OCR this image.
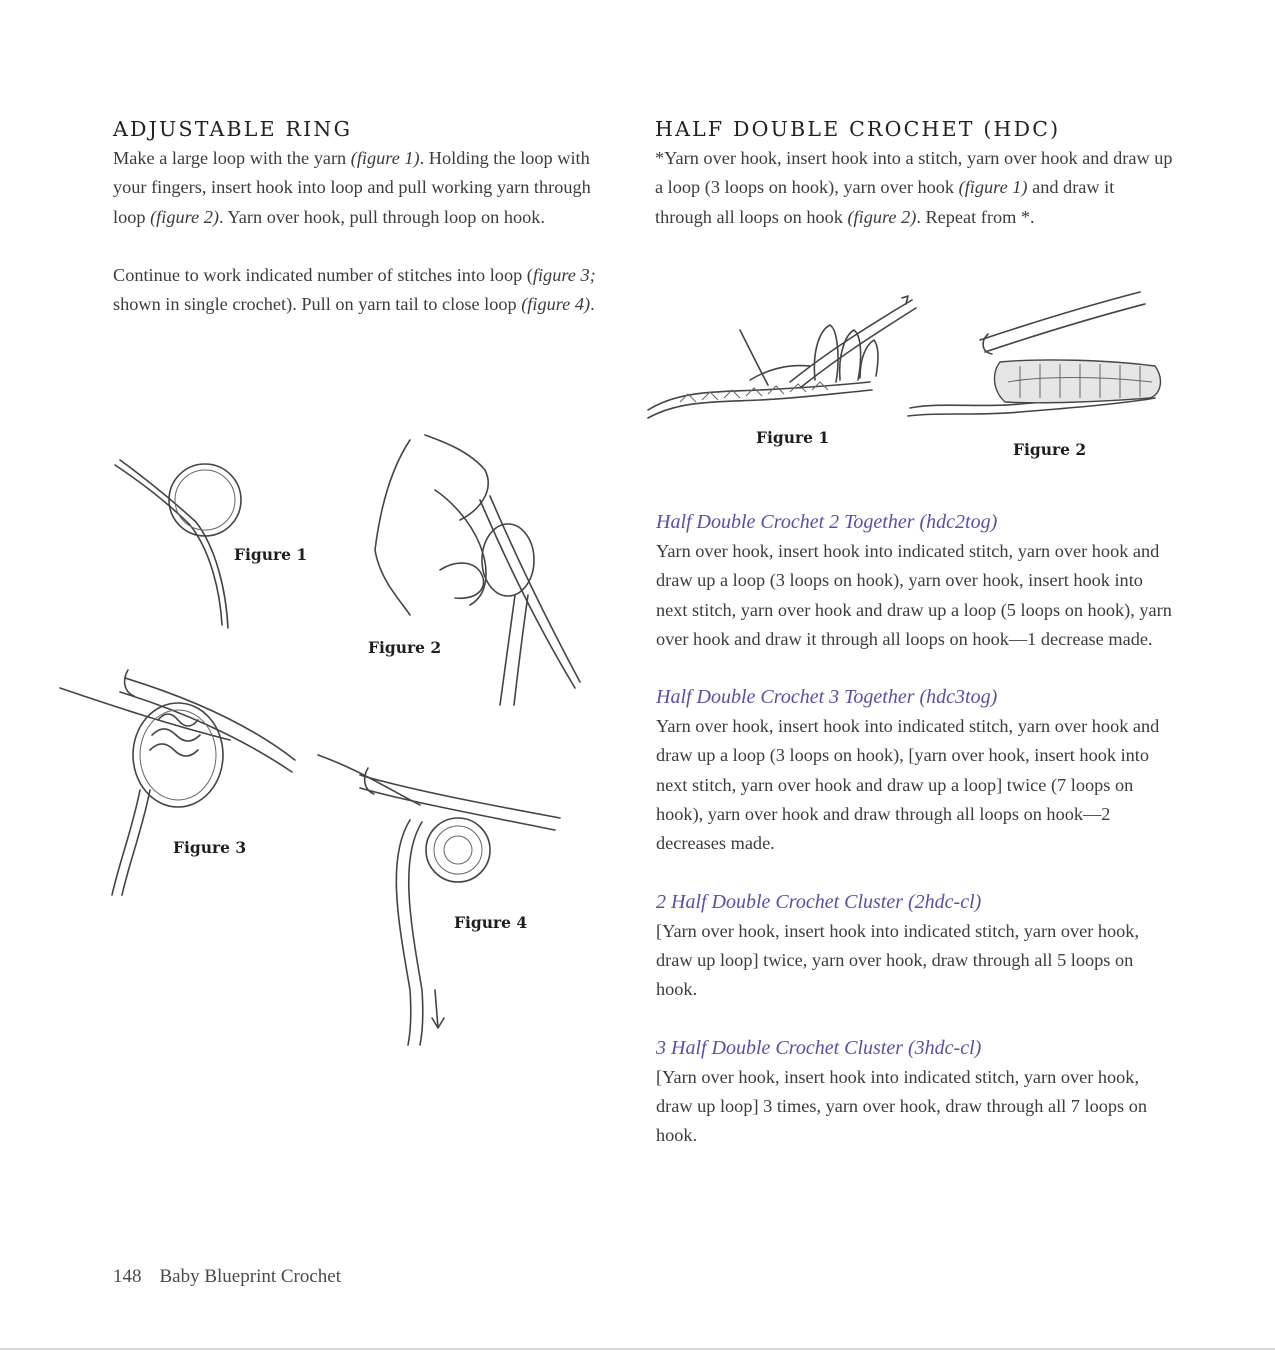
ADJUSTABLE RING

Make a large loop with the yarn (figure 1). Holding the loop with your fingers, insert hook into loop and pull working yarn through loop (figure 2). Yarn over hook, pull through loop on hook.

Continue to work indicated number of stitches into loop (figure 3; shown in single crochet). Pull on yarn tail to close loop (figure 4).

Figure 1
Figure 2
Figure 3
Figure 4
HALF DOUBLE CROCHET (HDC)

*Yarn over hook, insert hook into a stitch, yarn over hook and draw up a loop (3 loops on hook), yarn over hook (figure 1) and draw it through all loops on hook (figure 2). Repeat from *.

Figure 1
Figure 2
Half Double Crochet 2 Together (hdc2tog)

Yarn over hook, insert hook into indicated stitch, yarn over hook and draw up a loop (3 loops on hook), yarn over hook, insert hook into next stitch, yarn over hook and draw up a loop (5 loops on hook), yarn over hook and draw it through all loops on hook—1 decrease made.

Half Double Crochet 3 Together (hdc3tog)

Yarn over hook, insert hook into indicated stitch, yarn over hook and draw up a loop (3 loops on hook), [yarn over hook, insert hook into next stitch, yarn over hook and draw up a loop] twice (7 loops on hook), yarn over hook and draw through all loops on hook—2 decreases made.

2 Half Double Crochet Cluster (2hdc-cl)

[Yarn over hook, insert hook into indicated stitch, yarn over hook, draw up loop] twice, yarn over hook, draw through all 5 loops on hook.

3 Half Double Crochet Cluster (3hdc-cl)

[Yarn over hook, insert hook into indicated stitch, yarn over hook, draw up loop] 3 times, yarn over hook, draw through all 7 loops on hook.

148 Baby Blueprint Crochet
